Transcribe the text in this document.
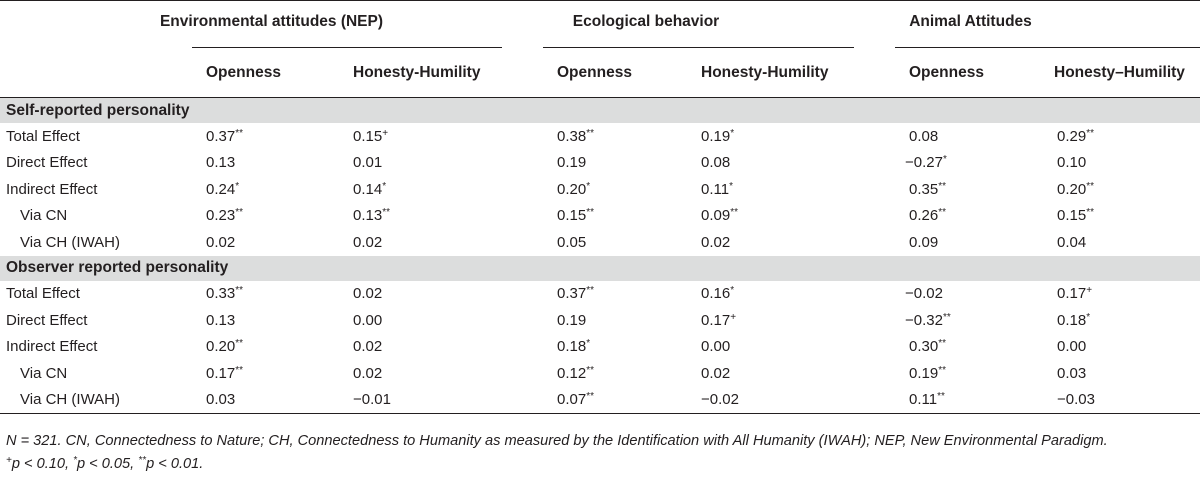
	Environmental attitudes (NEP)		Ecological behavior		Animal Attitudes	

	Openness	Honesty-Humility	Openness	Honesty-Humility	Openness	Honesty–Humility
Self-reported personality						
Total Effect	0.37**	0.15+	0.38**	0.19*	0.08	0.29**
Direct Effect	0.13	0.01	0.19	0.08	−0.27*	0.10
Indirect Effect	0.24*	0.14*	0.20*	0.11*	0.35**	0.20**
Via CN	0.23**	0.13**	0.15**	0.09**	0.26**	0.15**
Via CH (IWAH)	0.02	0.02	0.05	0.02	0.09	0.04
Observer reported personality						
Total Effect	0.33**	0.02	0.37**	0.16*	−0.02	0.17+
Direct Effect	0.13	0.00	0.19	0.17+	−0.32**	0.18*
Indirect Effect	0.20**	0.02	0.18*	0.00	0.30**	0.00
Via CN	0.17**	0.02	0.12**	0.02	0.19**	0.03
Via CH (IWAH)	0.03	−0.01	0.07**	−0.02	0.11**	−0.03

N = 321. CN, Connectedness to Nature; CH, Connectedness to Humanity as measured by the Identification with All Humanity (IWAH); NEP, New Environmental Paradigm.
+p < 0.10, *p < 0.05, **p < 0.01.
